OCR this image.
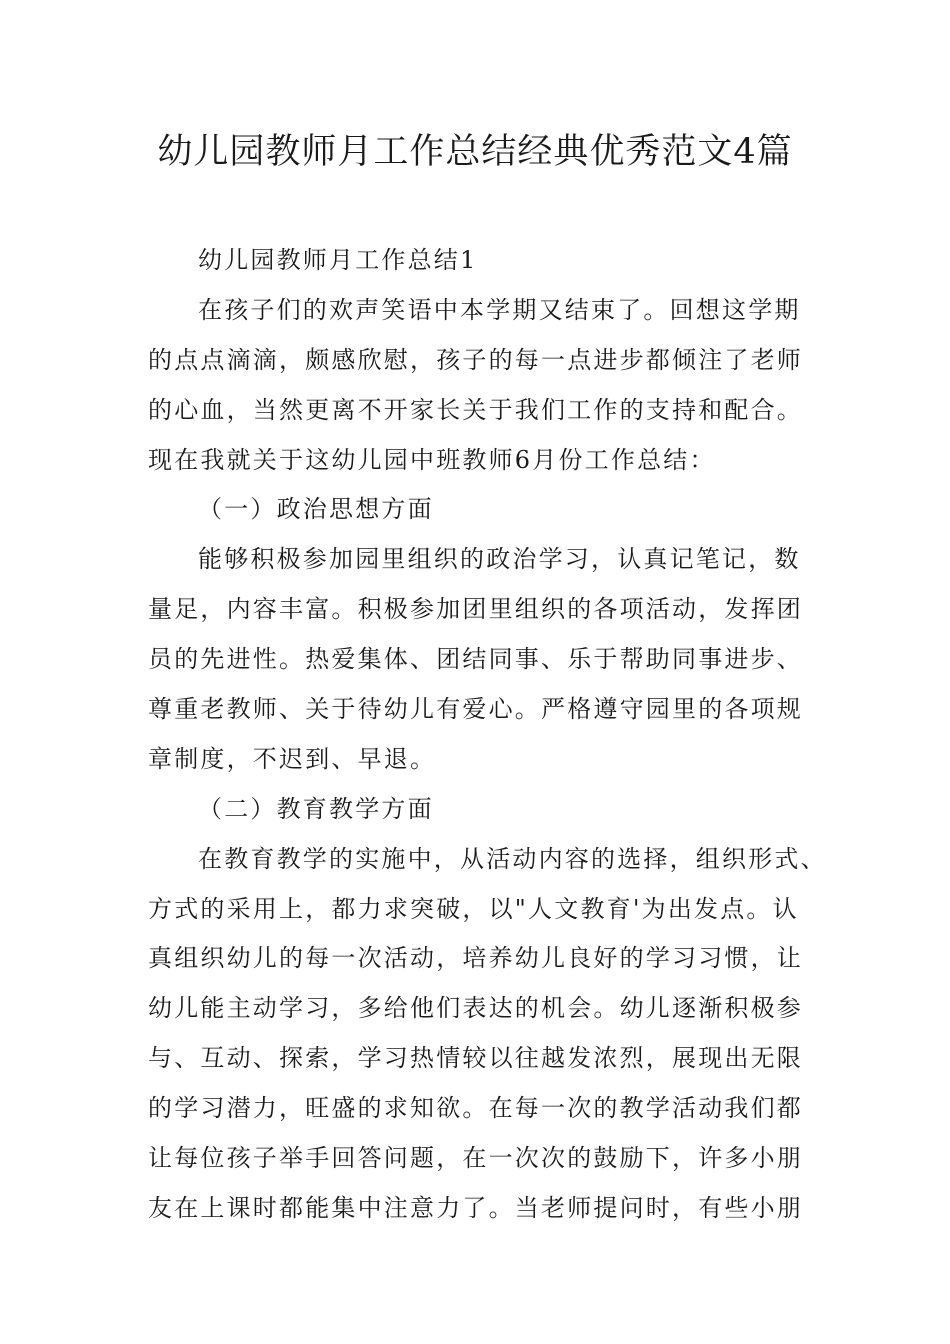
幼儿园教师月工作总结经典优秀范文4篇
幼儿园教师月工作总结1
在孩子们的欢声笑语中本学期又结束了。回想这学期
的点点滴滴，颇感欣慰，孩子的每一点进步都倾注了老师
的心血，当然更离不开家长关于我们工作的支持和配合。
现在我就关于这幼儿园中班教师6月份工作总结：
（一）政治思想方面
能够积极参加园里组织的政治学习，认真记笔记，数
量足，内容丰富。积极参加团里组织的各项活动，发挥团
员的先进性。热爱集体、团结同事、乐于帮助同事进步、
尊重老教师、关于待幼儿有爱心。严格遵守园里的各项规
章制度，不迟到、早退。
（二）教育教学方面
在教育教学的实施中，从活动内容的选择，组织形式、
方式的采用上，都力求突破，以"人文教育'为出发点。认
真组织幼儿的每一次活动，培养幼儿良好的学习习惯，让
幼儿能主动学习，多给他们表达的机会。幼儿逐渐积极参
与、互动、探索，学习热情较以往越发浓烈，展现出无限
的学习潜力，旺盛的求知欲。在每一次的教学活动我们都
让每位孩子举手回答问题，在一次次的鼓励下，许多小朋
友在上课时都能集中注意力了。当老师提问时，有些小朋
